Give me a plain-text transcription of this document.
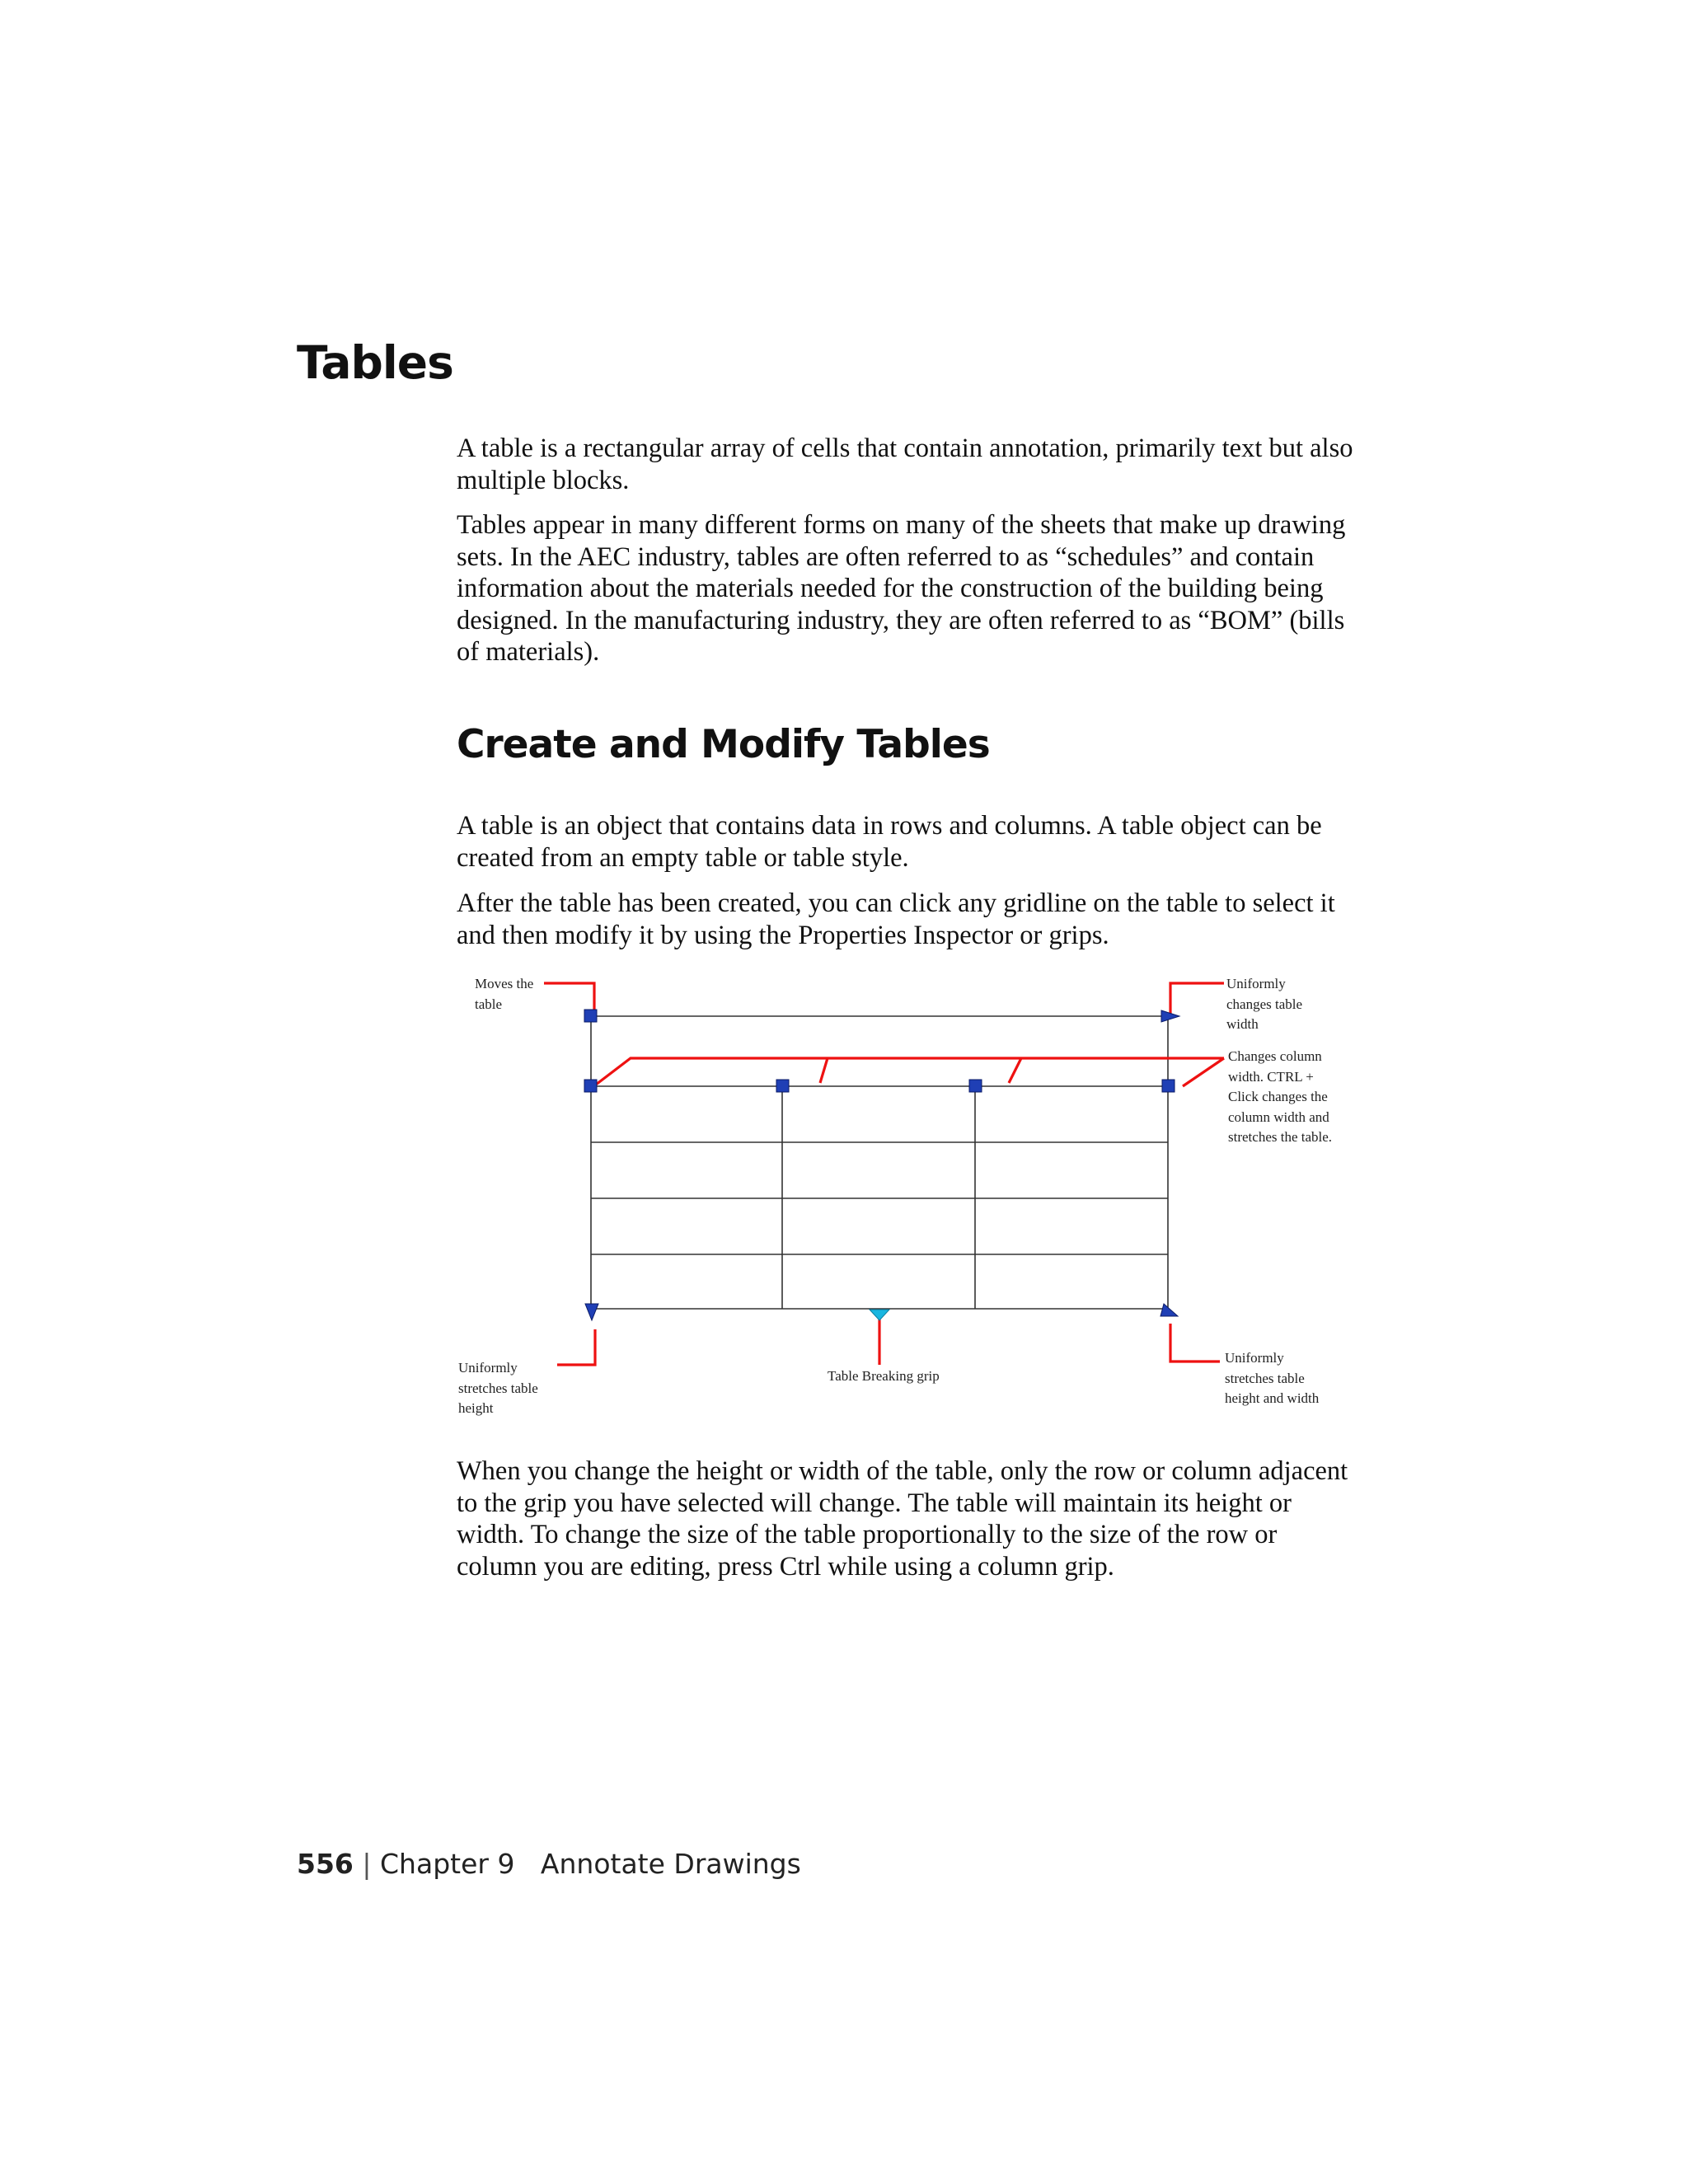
Tables

A table is a rectangular array of cells that contain annotation, primarily text but also multiple blocks.

Tables appear in many different forms on many of the sheets that make up drawing sets. In the AEC industry, tables are often referred to as “schedules” and contain information about the materials needed for the construction of the building being designed. In the manufacturing industry, they are often referred to as “BOM” (bills of materials).

Create and Modify Tables

A table is an object that contains data in rows and columns. A table object can be created from an empty table or table style.

After the table has been created, you can click any gridline on the table to select it and then modify it by using the Properties Inspector or grips.

Moves the table

Uniformly changes table width

Changes column width. CTRL + Click changes the column width and stretches the table.

Uniformly stretches table height

Table Breaking grip

Uniformly stretches table height and width

When you change the height or width of the table, only the row or column adjacent to the grip you have selected will change. The table will maintain its height or width. To change the size of the table proportionally to the size of the row or column you are editing, press Ctrl while using a column grip.

556 | Chapter 9 Annotate Drawings
